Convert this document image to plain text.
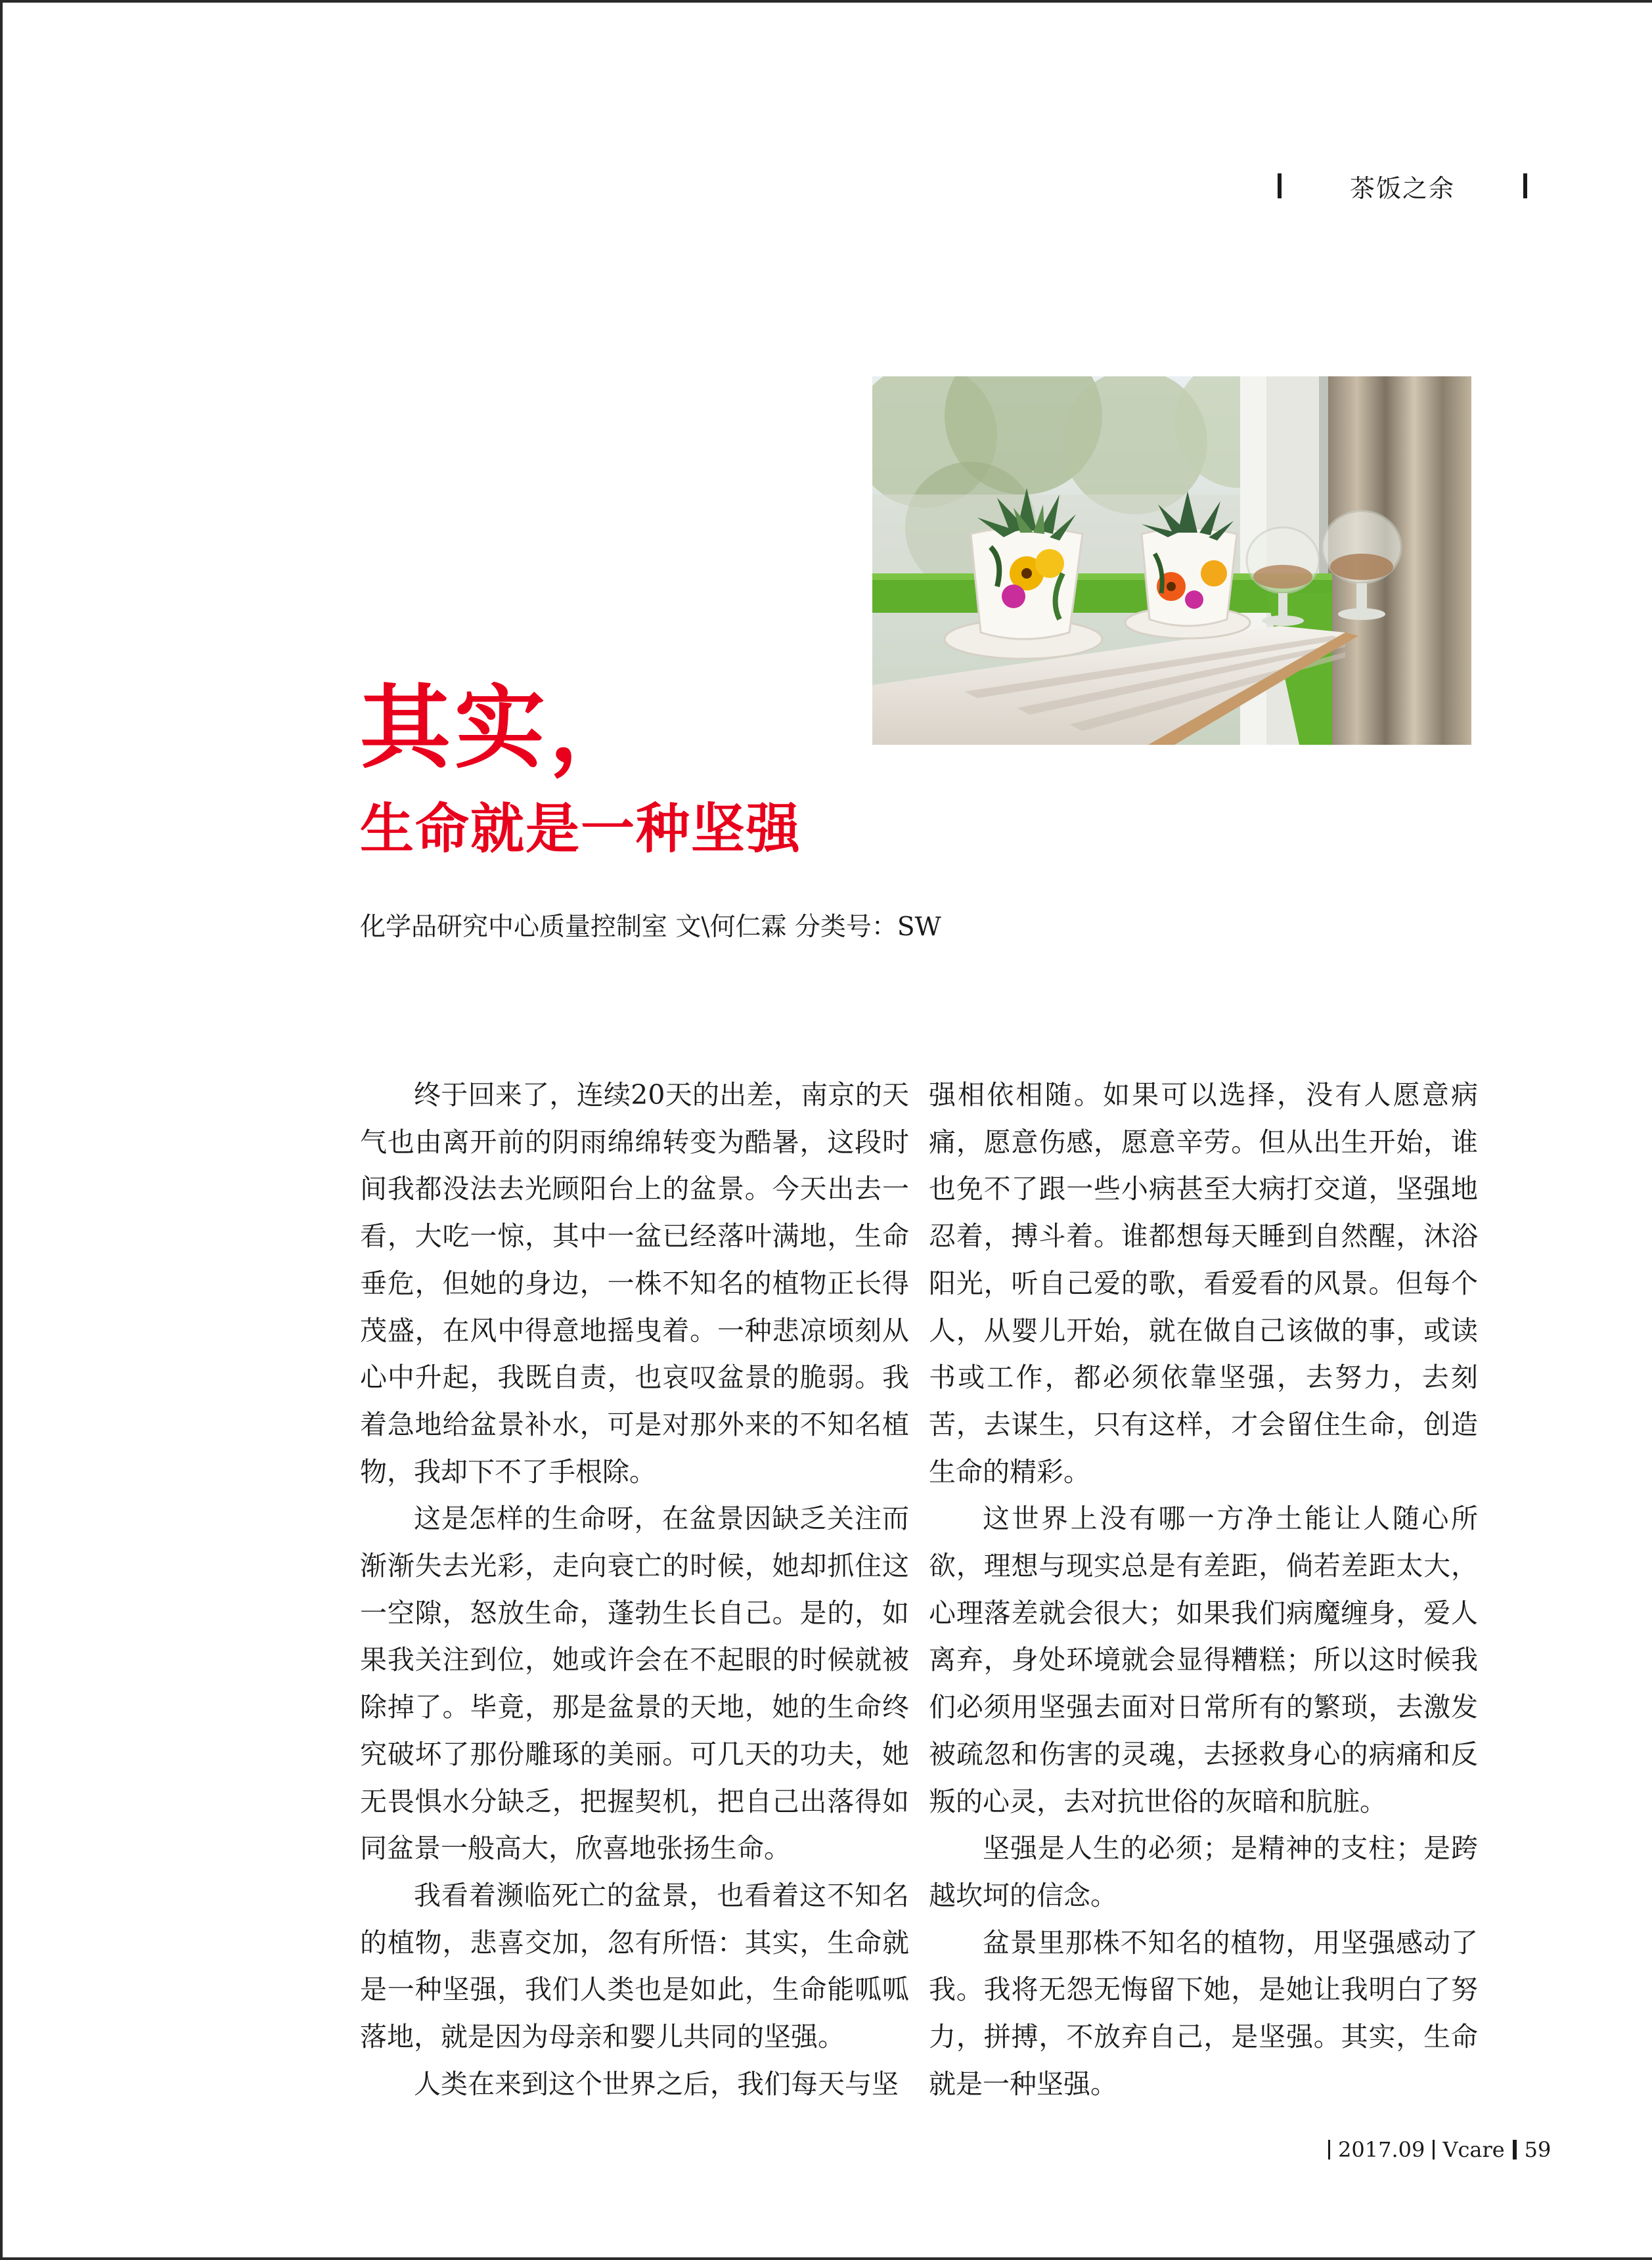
茶饭之余
其实，
生命就是一种坚强
化学品研究中心质量控制室 文\何仁霖 分类号：SW

终于回来了，连续20天的出差，南京的天气也由离开前的阴雨绵绵转变为酷暑，这段时间我都没法去光顾阳台上的盆景。今天出去一看，大吃一惊，其中一盆已经落叶满地，生命垂危，但她的身边，一株不知名的植物正长得茂盛，在风中得意地摇曳着。一种悲凉顷刻从心中升起，我既自责，也哀叹盆景的脆弱。我着急地给盆景补水，可是对那外来的不知名植物，我却下不了手根除。

这是怎样的生命呀，在盆景因缺乏关注而渐渐失去光彩，走向衰亡的时候，她却抓住这一空隙，怒放生命，蓬勃生长自己。是的，如果我关注到位，她或许会在不起眼的时候就被除掉了。毕竟，那是盆景的天地，她的生命终究破坏了那份雕琢的美丽。可几天的功夫，她无畏惧水分缺乏，把握契机，把自己出落得如同盆景一般高大，欣喜地张扬生命。

我看着濒临死亡的盆景，也看着这不知名的植物，悲喜交加，忽有所悟：其实，生命就是一种坚强，我们人类也是如此，生命能呱呱落地，就是因为母亲和婴儿共同的坚强。

人类在来到这个世界之后，我们每天与坚

强相依相随。如果可以选择，没有人愿意病痛，愿意伤感，愿意辛劳。但从出生开始，谁也免不了跟一些小病甚至大病打交道，坚强地忍着，搏斗着。谁都想每天睡到自然醒，沐浴阳光，听自己爱的歌，看爱看的风景。但每个人，从婴儿开始，就在做自己该做的事，或读书或工作，都必须依靠坚强，去努力，去刻苦，去谋生，只有这样，才会留住生命，创造生命的精彩。

这世界上没有哪一方净土能让人随心所欲，理想与现实总是有差距，倘若差距太大，心理落差就会很大；如果我们病魔缠身，爱人离弃，身处环境就会显得糟糕；所以这时候我们必须用坚强去面对日常所有的繁琐，去激发被疏忽和伤害的灵魂，去拯救身心的病痛和反叛的心灵，去对抗世俗的灰暗和肮脏。

坚强是人生的必须；是精神的支柱；是跨越坎坷的信念。

盆景里那株不知名的植物，用坚强感动了我。我将无怨无悔留下她，是她让我明白了努力，拼搏，不放弃自己，是坚强。其实，生命就是一种坚强。

2017.09 Vcare 59
